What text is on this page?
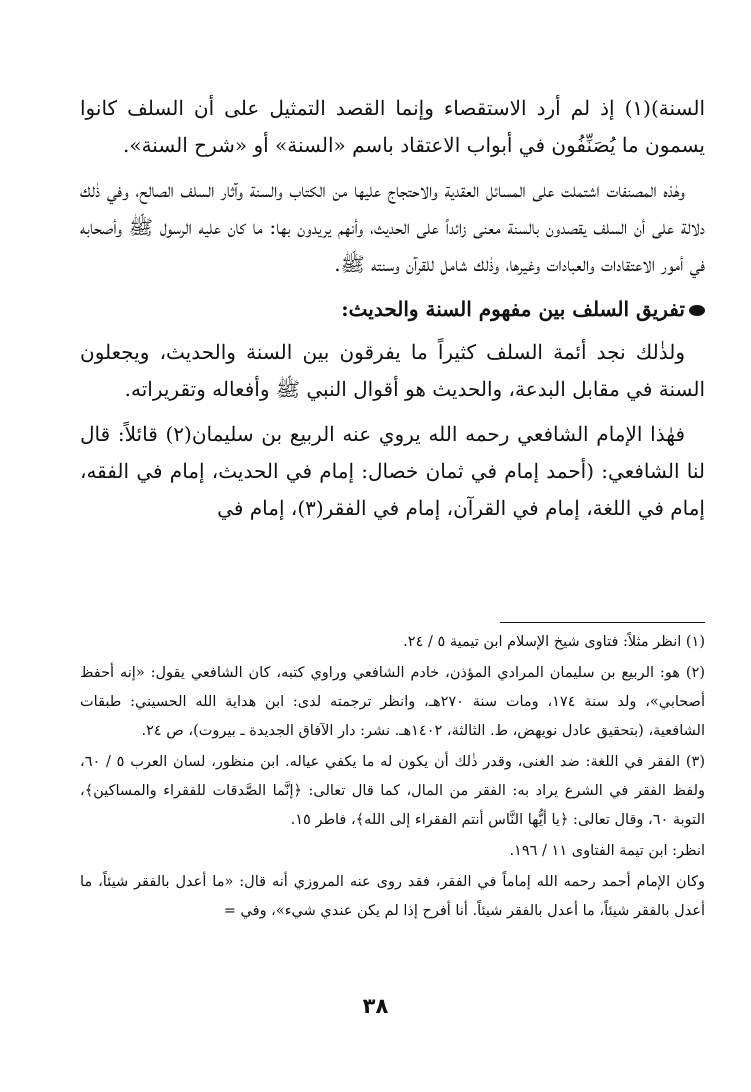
السنة)(١) إذ لم أرد الاستقصاء وإنما القصد التمثيل على أن السلف كانوا يسمون ما يُصَنِّفُون في أبواب الاعتقاد باسم «السنة» أو «شرح السنة».

وهٰذه المصنفات اشتملت على المسائل العقدية والاحتجاج عليها من الكتاب والسنة وآثار السلف الصالح، وفي ذٰلك دلالة على أن السلف يقصدون بالسنة معنى زائداً على الحديث، وأنهم يريدون بها: ما كان عليه الرسول ﷺ وأصحابه في أمور الاعتقادات والعبادات وغيرها، وذٰلك شامل للقرآن وسنته ﷺ.

تفريق السلف بين مفهوم السنة والحديث:

ولذٰلك نجد أئمة السلف كثيراً ما يفرقون بين السنة والحديث، ويجعلون السنة في مقابل البدعة، والحديث هو أقوال النبي ﷺ وأفعاله وتقريراته.

فهٰذا الإمام الشافعي رحمه الله يروي عنه الربيع بن سليمان(٢) قائلاً: قال لنا الشافعي: (أحمد إمام في ثمان خصال: إمام في الحديث، إمام في الفقه، إمام في اللغة، إمام في القرآن، إمام في الفقر(٣)، إمام في

(١) انظر مثلاً: فتاوى شيخ الإسلام ابن تيمية ٥ / ٢٤.

(٢) هو: الربيع بن سليمان المرادي المؤذن، خادم الشافعي وراوي كتبه، كان الشافعي يقول: «إنه أحفظ أصحابي»، ولد سنة ١٧٤، ومات سنة ٢٧٠هـ، وانظر ترجمته لدى: ابن هداية الله الحسيني: طبقات الشافعية، (بتحقيق عادل نويهض، ط. الثالثة، ١٤٠٢هـ. نشر: دار الآفاق الجديدة ـ بيروت)، ص ٢٤.

(٣) الفقر في اللغة: ضد الغنى، وقدر ذٰلك أن يكون له ما يكفي عياله. ابن منظور، لسان العرب ٥ / ٦٠، ولفظ الفقر في الشرع يراد به: الفقر من المال، كما قال تعالى: ﴿إنَّما الصَّدقات للفقراء والمساكين﴾، التوبة ٦٠، وقال تعالى: ﴿يا أيُّها النَّاس أنتم الفقراء إلى الله﴾، فاطر ١٥.

انظر: ابن تيمة الفتاوى ١١ / ١٩٦.

وكان الإمام أحمد رحمه الله إماماً في الفقر، فقد روى عنه المروزي أنه قال: «ما أعدل بالفقر شيئاً، ما أعدل بالفقر شيئاً، ما أعدل بالفقر شيئاً. أنا أفرح إذا لم يكن عندي شيء»، وفي =

٣٨
